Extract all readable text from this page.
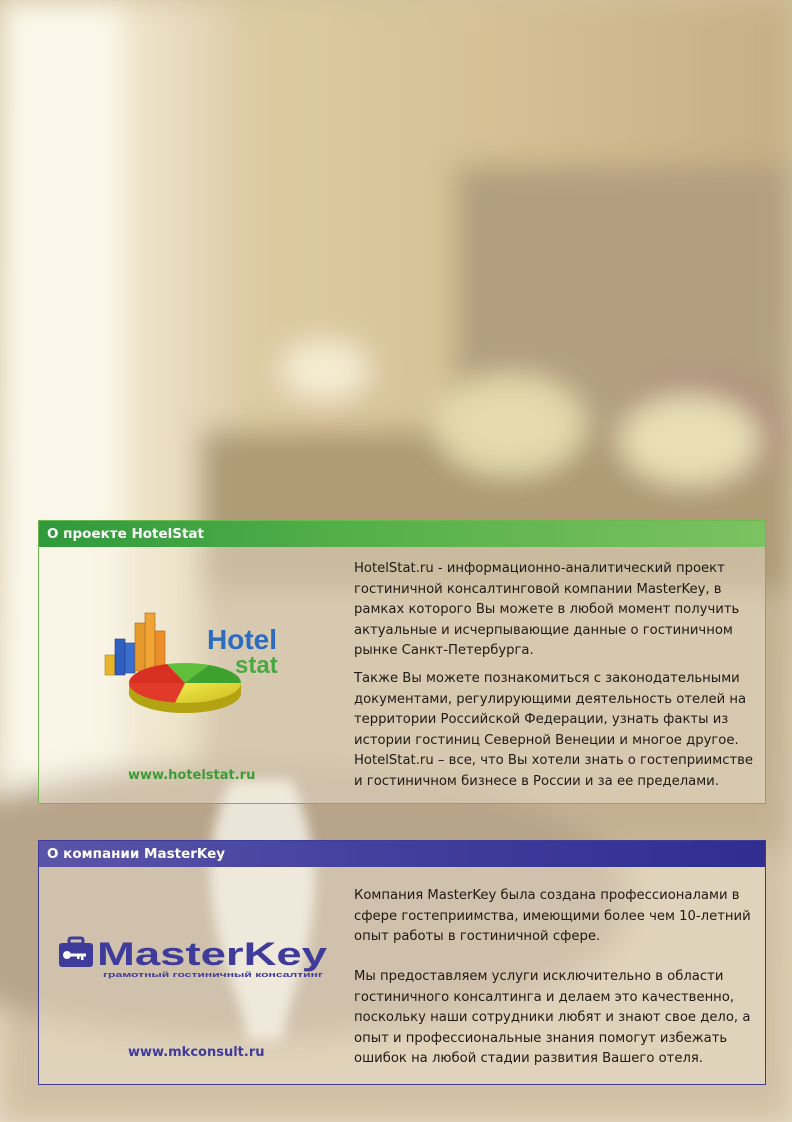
О проекте HotelStat
Hotel
stat

HotelStat.ru - информационно-аналитический проект гостиничной консалтинговой компании MasterKey, в рамках которого Вы можете в любой момент получить актуальные и исчерпывающие данные о гостиничном рынке Санкт-Петербурга.

Также Вы можете познакомиться с законодательными документами, регулирующими деятельность отелей на территории Российской Федерации, узнать факты из истории гостиниц Северной Венеции и многое другое. HotelStat.ru – все, что Вы хотели знать о гостеприимстве и гостиничном бизнесе в России и за ее пределами.

www.hotelstat.ru
О компании MasterKey
MasterKey
грамотный гостиничный консалтинг

Компания MasterKey была создана профессионалами в сфере гостеприимства, имеющими более чем 10-летний опыт работы в гостиничной сфере.

Мы предоставляем услуги исключительно в области гостиничного консалтинга и делаем это качественно, поскольку наши сотрудники любят и знают свое дело, а опыт и профессиональные знания помогут избежать ошибок на любой стадии развития Вашего отеля.

www.mkconsult.ru
